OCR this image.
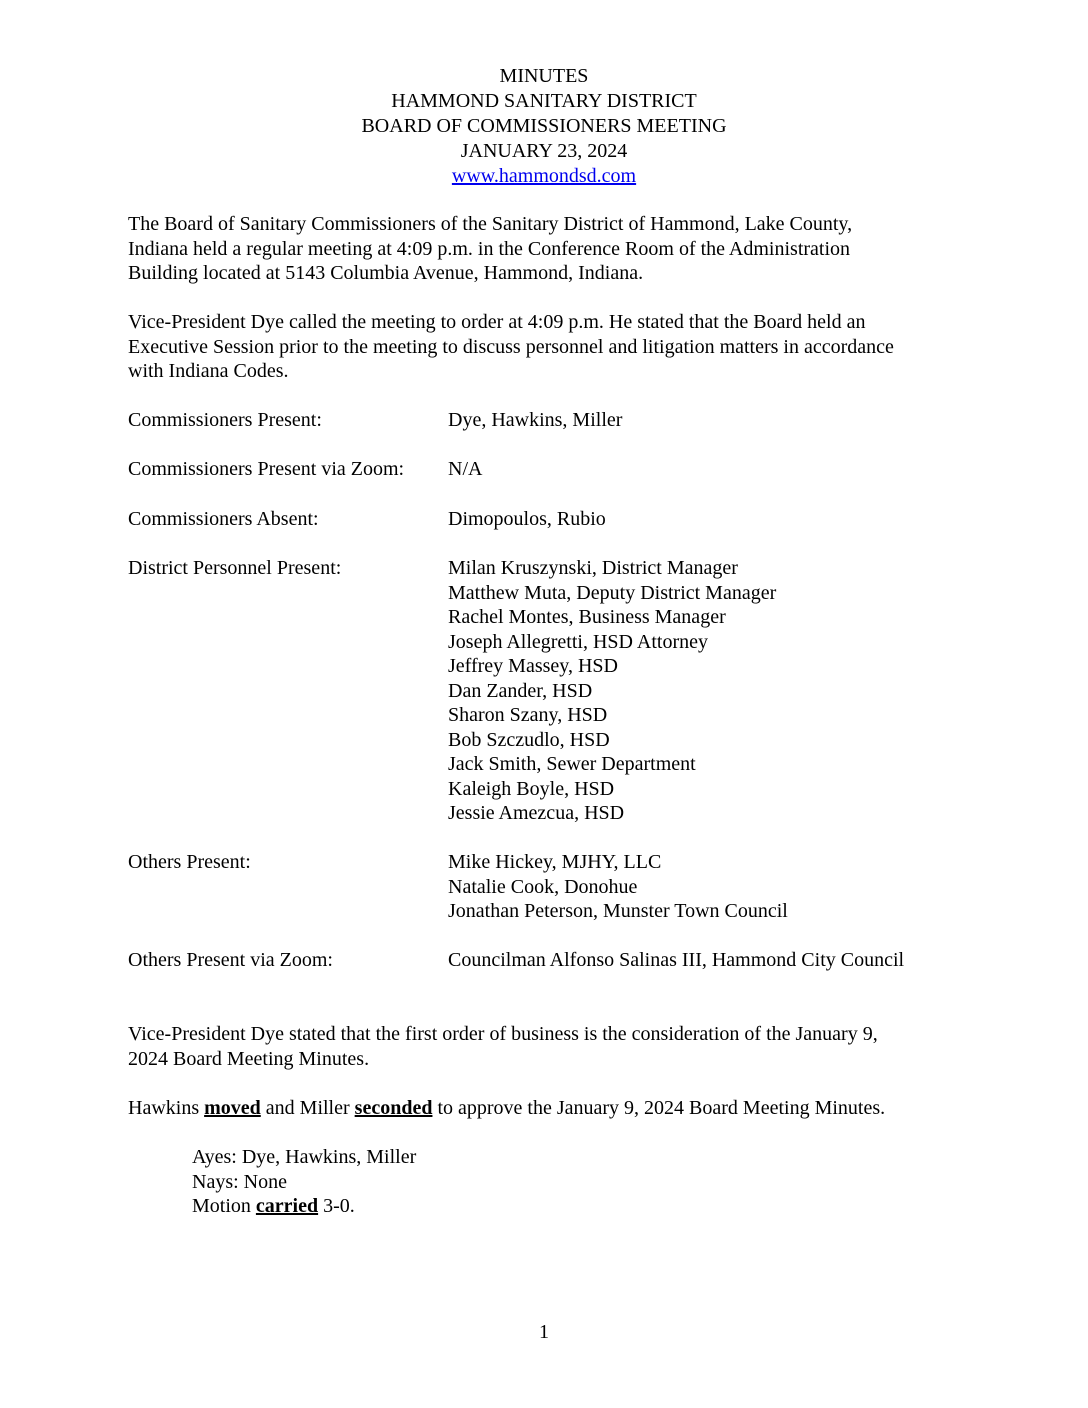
MINUTES
HAMMOND SANITARY DISTRICT
BOARD OF COMMISSIONERS MEETING
JANUARY 23, 2024
www.hammondsd.com
The Board of Sanitary Commissioners of the Sanitary District of Hammond, Lake County,
Indiana held a regular meeting at 4:09 p.m. in the Conference Room of the Administration
Building located at 5143 Columbia Avenue, Hammond, Indiana.
Vice-President Dye called the meeting to order at 4:09 p.m. He stated that the Board held an
Executive Session prior to the meeting to discuss personnel and litigation matters in accordance
with Indiana Codes.
Commissioners Present:	Dye, Hawkins, Miller
Commissioners Present via Zoom: N/A
Commissioners Absent:	Dimopoulos, Rubio
District Personnel Present:	Milan Kruszynski, District Manager
Matthew Muta, Deputy District Manager
Rachel Montes, Business Manager
Joseph Allegretti, HSD Attorney
Jeffrey Massey, HSD
Dan Zander, HSD
Sharon Szany, HSD
Bob Szczudlo, HSD
Jack Smith, Sewer Department
Kaleigh Boyle, HSD
Jessie Amezcua, HSD
Others Present:	Mike Hickey, MJHY, LLC
Natalie Cook, Donohue
Jonathan Peterson, Munster Town Council
Others Present via Zoom:	Councilman Alfonso Salinas III, Hammond City Council
Vice-President Dye stated that the first order of business is the consideration of the January 9,
2024 Board Meeting Minutes.
Hawkins moved and Miller seconded to approve the January 9, 2024 Board Meeting Minutes.
Ayes: Dye, Hawkins, Miller
Nays: None
Motion carried 3-0.
1
